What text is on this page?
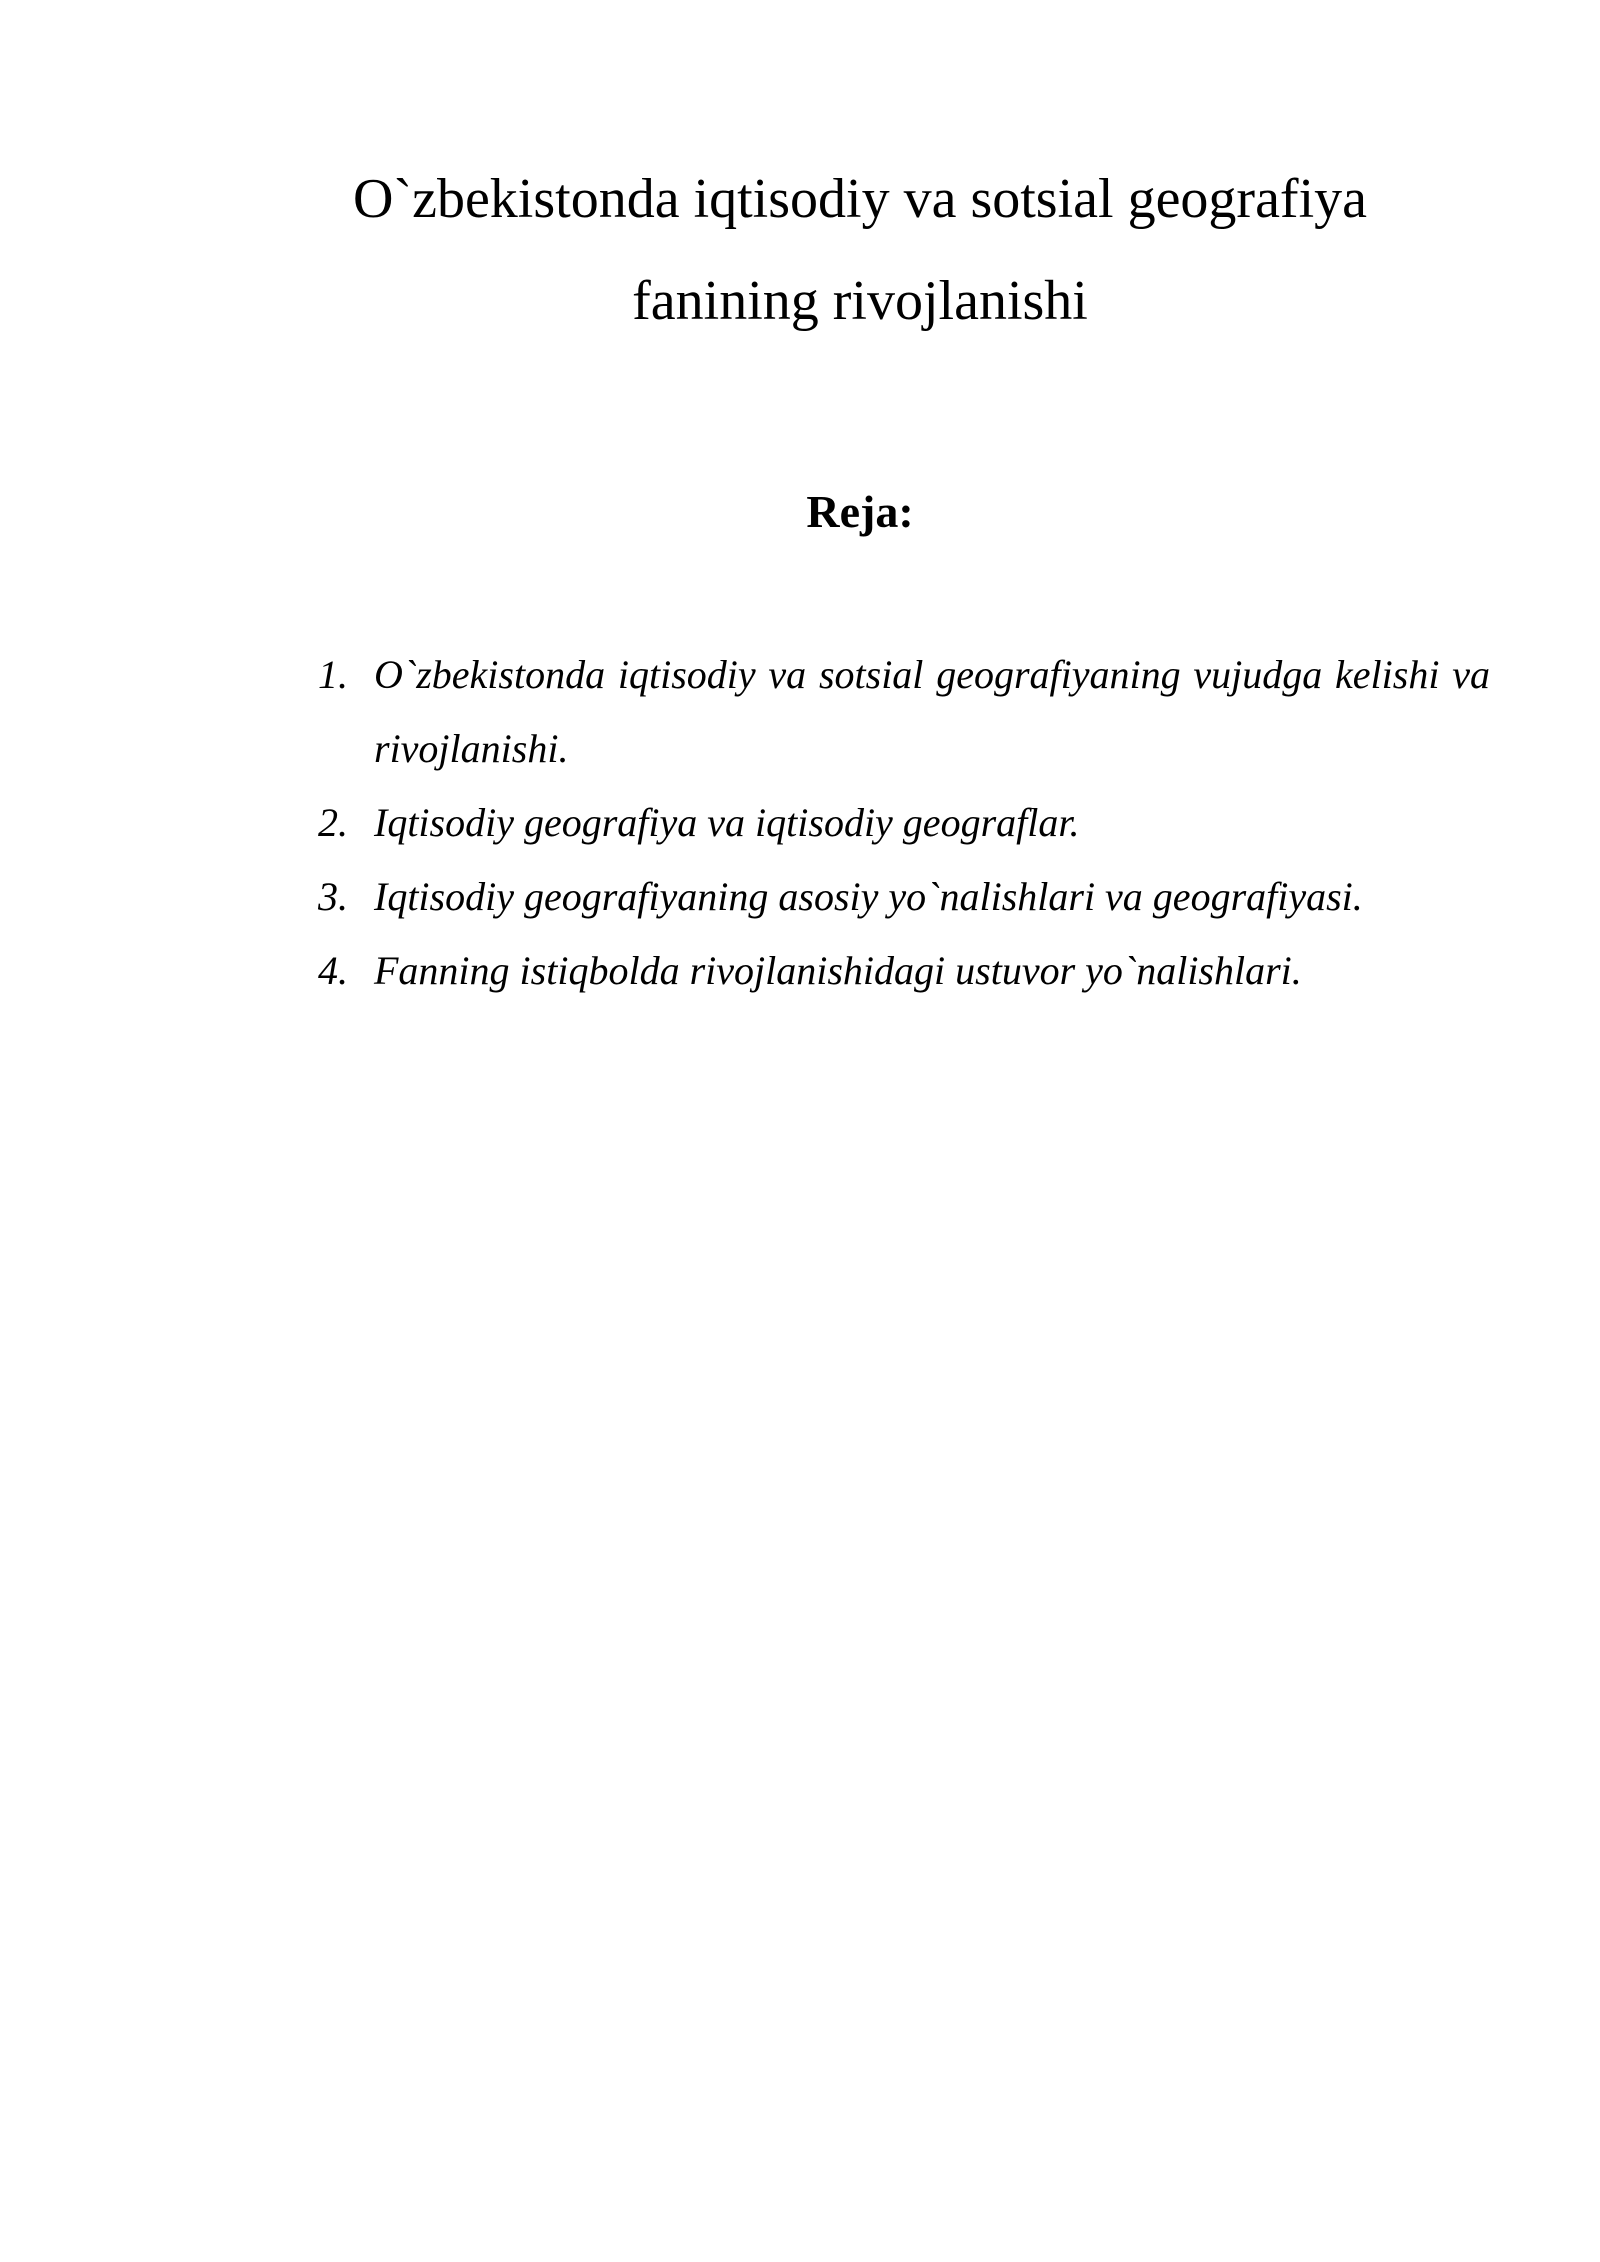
O`zbekistonda iqtisodiy va sotsial geografiya
fanining rivojlanishi
Reja:
1. O`zbekistonda iqtisodiy va sotsial geografiyaning vujudga kelishi va rivojlanishi.
2. Iqtisodiy geografiya va iqtisodiy geograflar.
3. Iqtisodiy geografiyaning asosiy yo`nalishlari va geografiyasi.
4. Fanning istiqbolda rivojlanishidagi ustuvor yo`nalishlari.
